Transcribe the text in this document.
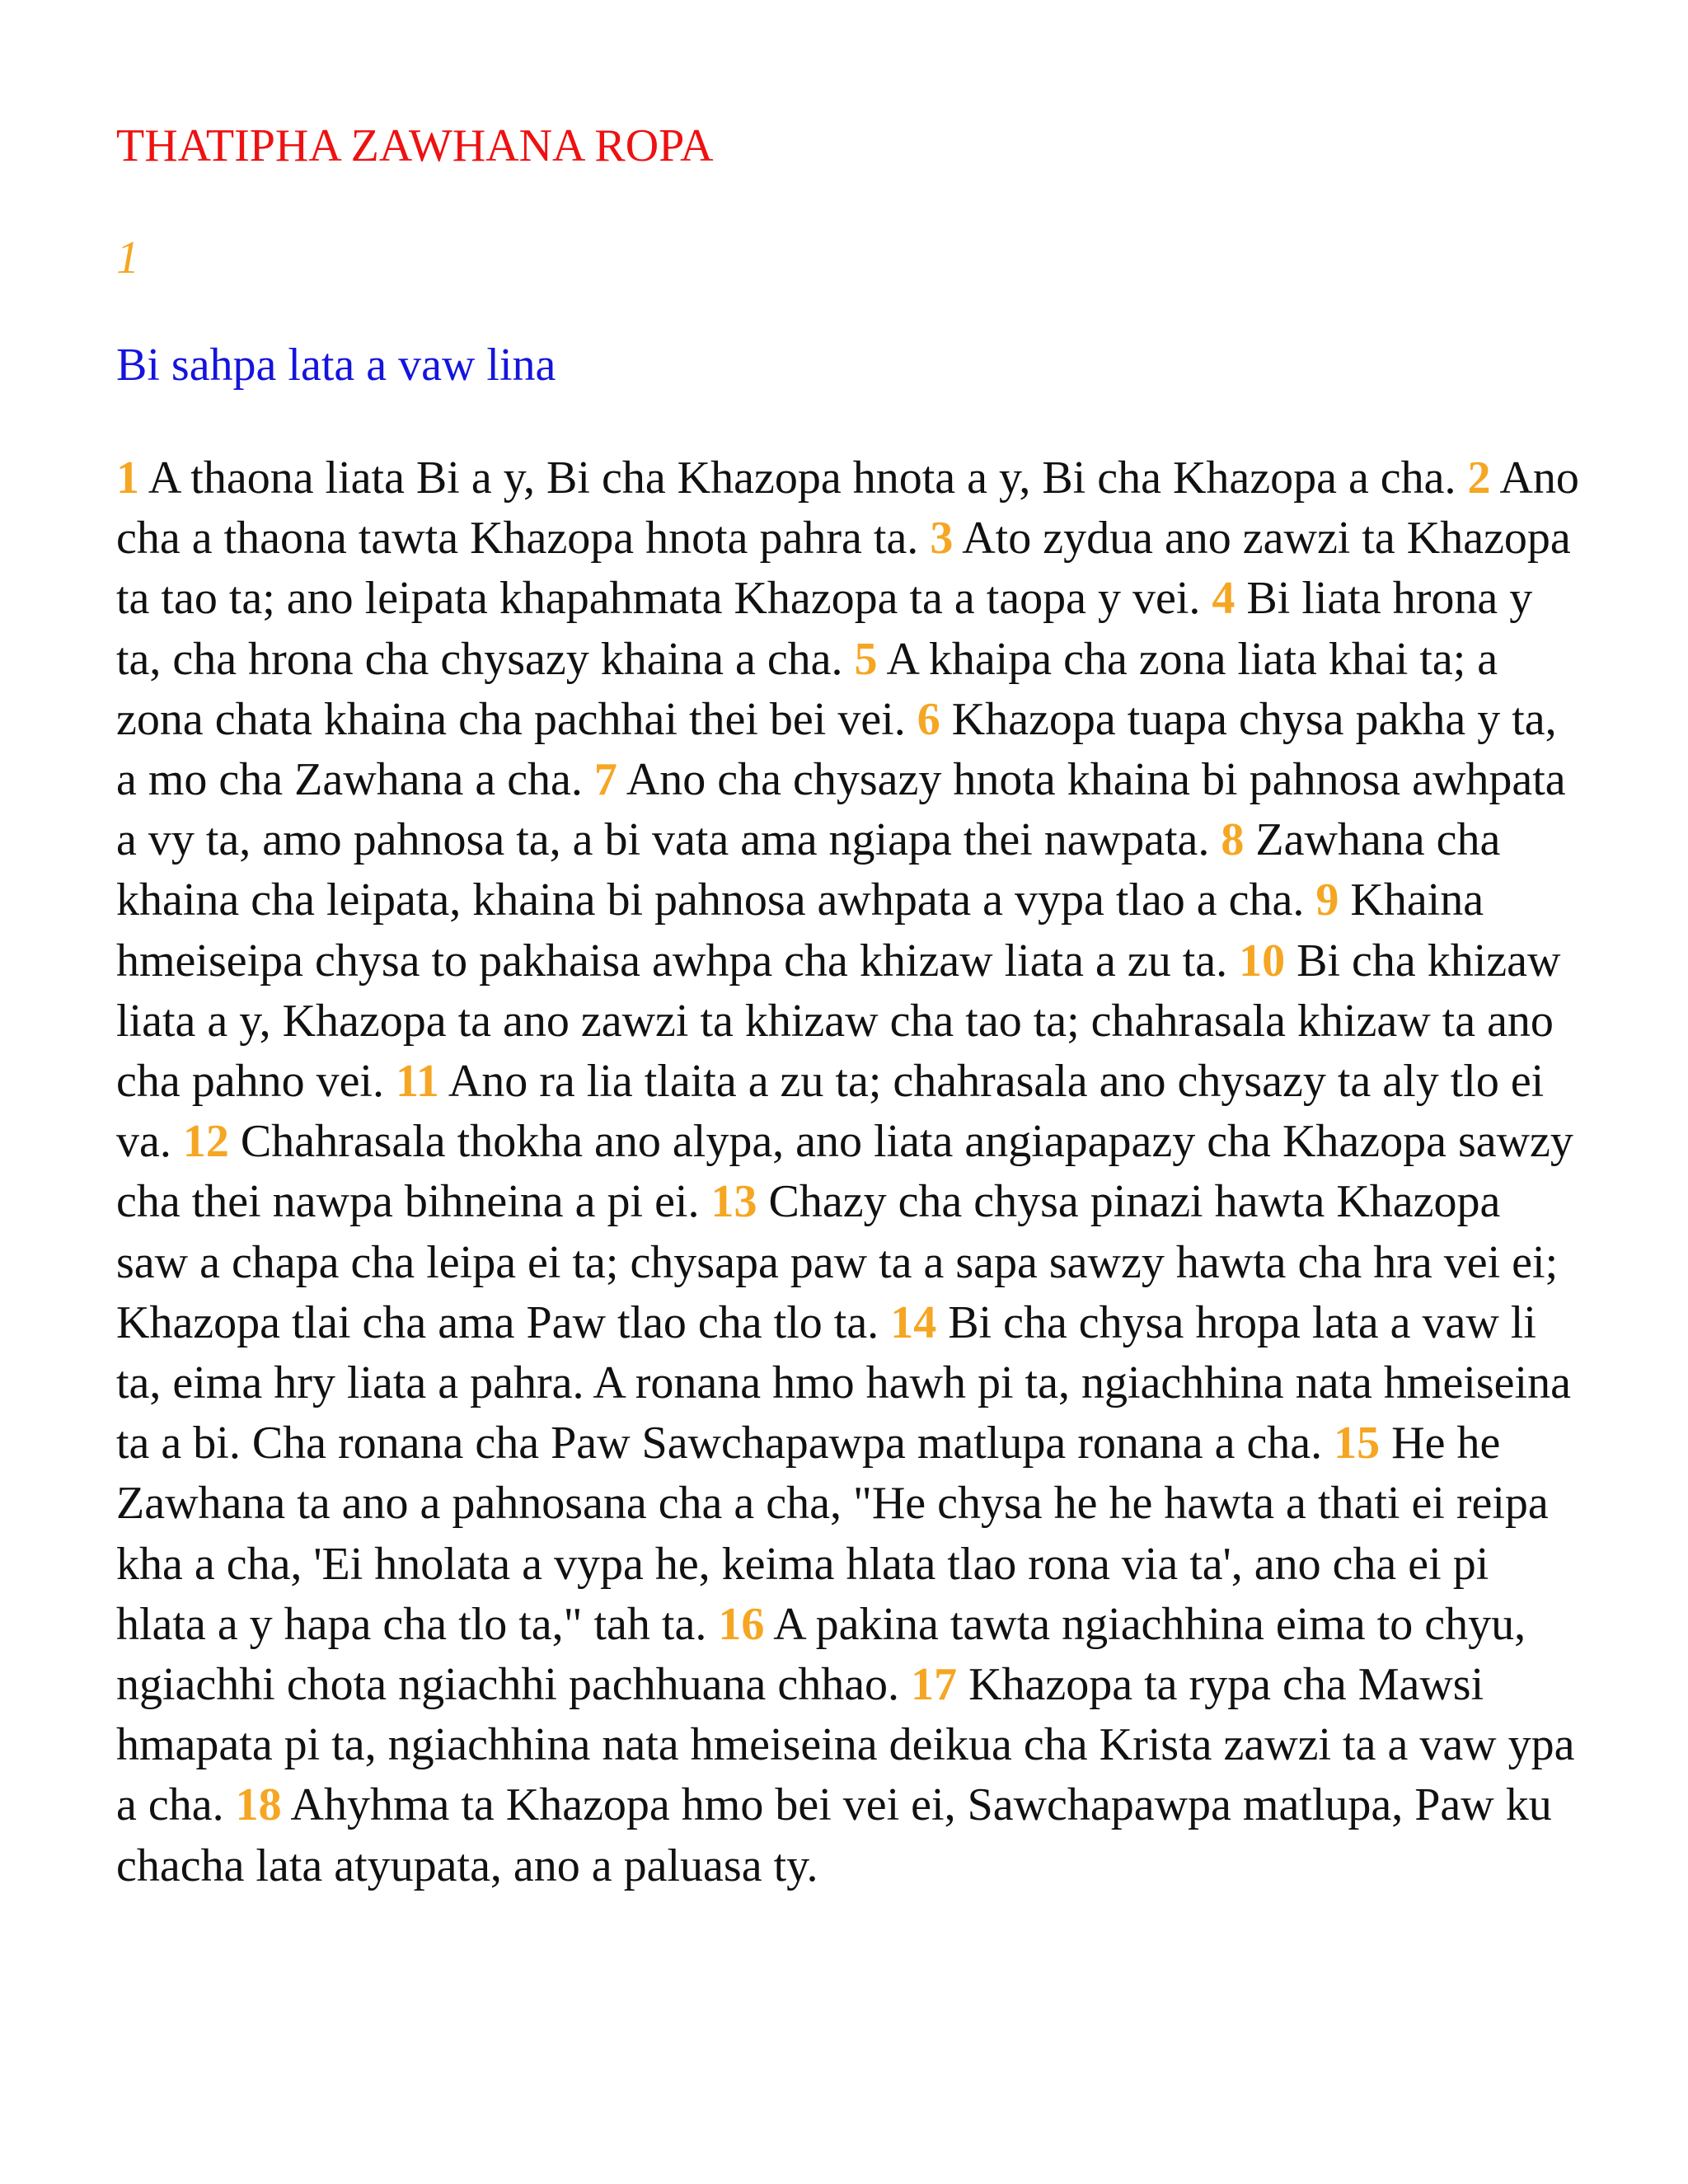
THATIPHA ZAWHANA ROPA
1
Bi sahpa lata a vaw lina

1 A thaona liata Bi a y, Bi cha Khazopa hnota a y, Bi cha Khazopa a cha. 2 Ano cha a thaona tawta Khazopa hnota pahra ta. 3 Ato zydua ano zawzi ta Khazopa ta tao ta; ano leipata khapahmata Khazopa ta a taopa y vei. 4 Bi liata hrona y ta, cha hrona cha chysazy khaina a cha. 5 A khaipa cha zona liata khai ta; a zona chata khaina cha pachhai thei bei vei. 6 Khazopa tuapa chysa pakha y ta, a mo cha Zawhana a cha. 7 Ano cha chysazy hnota khaina bi pahnosa awhpata a vy ta, amo pahnosa ta, a bi vata ama ngiapa thei nawpata. 8 Zawhana cha khaina cha leipata, khaina bi pahnosa awhpata a vypa tlao a cha. 9 Khaina hmeiseipa chysa to pakhaisa awhpa cha khizaw liata a zu ta. 10 Bi cha khizaw liata a y, Khazopa ta ano zawzi ta khizaw cha tao ta; chahrasala khizaw ta ano cha pahno vei. 11 Ano ra lia tlaita a zu ta; chahrasala ano chysazy ta aly tlo ei va. 12 Chahrasala thokha ano alypa, ano liata angiapapazy cha Khazopa sawzy cha thei nawpa bihneina a pi ei. 13 Chazy cha chysa pinazi hawta Khazopa saw a chapa cha leipa ei ta; chysapa paw ta a sapa sawzy hawta cha hra vei ei; Khazopa tlai cha ama Paw tlao cha tlo ta. 14 Bi cha chysa hropa lata a vaw li ta, eima hry liata a pahra. A ronana hmo hawh pi ta, ngiachhina nata hmeiseina ta a bi. Cha ronana cha Paw Sawchapawpa matlupa ronana a cha. 15 He he Zawhana ta ano a pahnosana cha a cha, "He chysa he he hawta a thati ei reipa kha a cha, 'Ei hnolata a vypa he, keima hlata tlao rona via ta', ano cha ei pi hlata a y hapa cha tlo ta," tah ta. 16 A pakina tawta ngiachhina eima to chyu, ngiachhi chota ngiachhi pachhuana chhao. 17 Khazopa ta rypa cha Mawsi hmapata pi ta, ngiachhina nata hmeiseina deikua cha Krista zawzi ta a vaw ypa a cha. 18 Ahyhma ta Khazopa hmo bei vei ei, Sawchapawpa matlupa, Paw ku chacha lata atyupata, ano a paluasa ty.
